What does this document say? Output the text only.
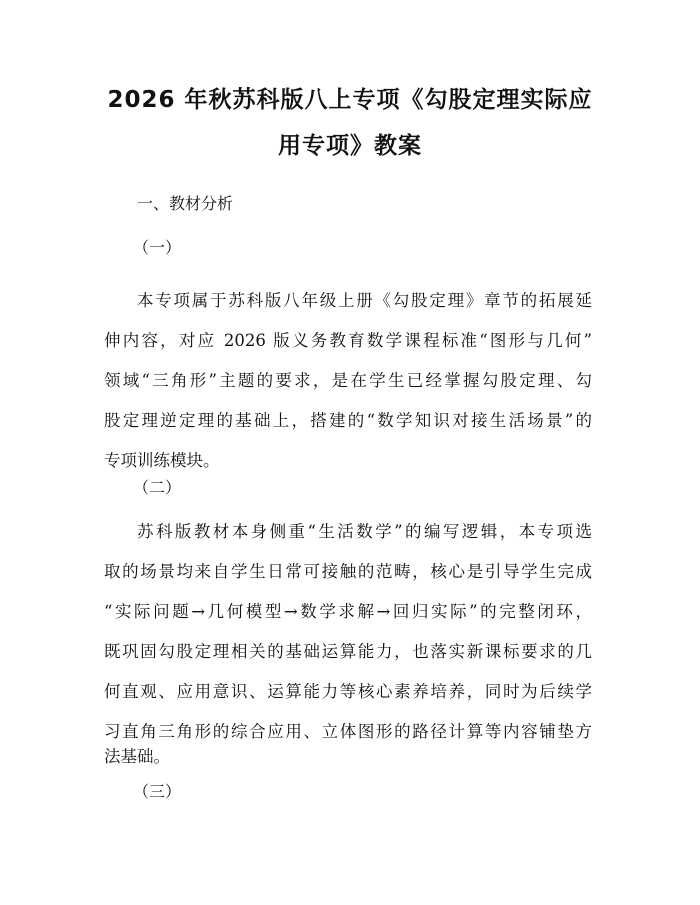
2026 年秋苏科版八上专项《勾股定理实际应
用专项》教案
一、教材分析
（一）
本专项属于苏科版八年级上册《勾股定理》章节的拓展延
伸内容，对应 2026 版义务教育数学课程标准“图形与几何”
领域“三角形”主题的要求，是在学生已经掌握勾股定理、勾
股定理逆定理的基础上，搭建的“数学知识对接生活场景”的
专项训练模块。
（二）
苏科版教材本身侧重“生活数学”的编写逻辑，本专项选
取的场景均来自学生日常可接触的范畴，核心是引导学生完成
“实际问题→几何模型→数学求解→回归实际”的完整闭环，
既巩固勾股定理相关的基础运算能力，也落实新课标要求的几
何直观、应用意识、运算能力等核心素养培养，同时为后续学
习直角三角形的综合应用、立体图形的路径计算等内容铺垫方
法基础。
（三）
